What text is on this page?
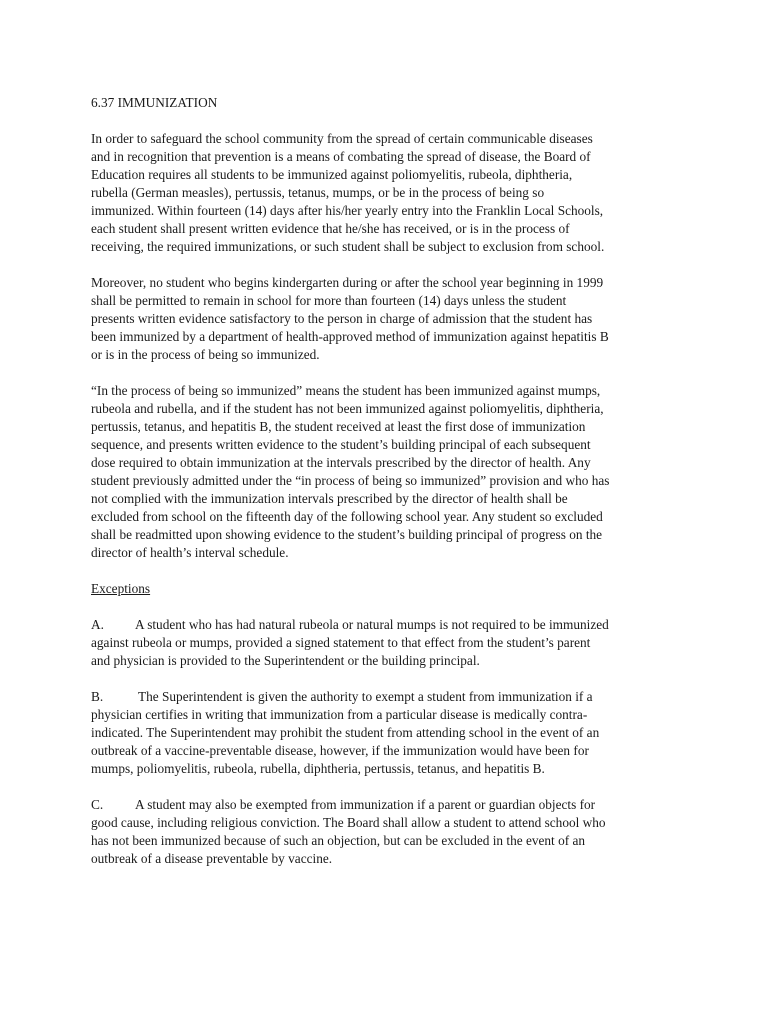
6.37 IMMUNIZATION
In order to safeguard the school community from the spread of certain communicable diseases
and in recognition that prevention is a means of combating the spread of disease, the Board of
Education requires all students to be immunized against poliomyelitis, rubeola, diphtheria,
rubella (German measles), pertussis, tetanus, mumps, or be in the process of being so
immunized. Within fourteen (14) days after his/her yearly entry into the Franklin Local Schools,
each student shall present written evidence that he/she has received, or is in the process of
receiving, the required immunizations, or such student shall be subject to exclusion from school.
Moreover, no student who begins kindergarten during or after the school year beginning in 1999
shall be permitted to remain in school for more than fourteen (14) days unless the student
presents written evidence satisfactory to the person in charge of admission that the student has
been immunized by a department of health-approved method of immunization against hepatitis B
or is in the process of being so immunized.
“In the process of being so immunized” means the student has been immunized against mumps,
rubeola and rubella, and if the student has not been immunized against poliomyelitis, diphtheria,
pertussis, tetanus, and hepatitis B, the student received at least the first dose of immunization
sequence, and presents written evidence to the student’s building principal of each subsequent
dose required to obtain immunization at the intervals prescribed by the director of health. Any
student previously admitted under the “in process of being so immunized” provision and who has
not complied with the immunization intervals prescribed by the director of health shall be
excluded from school on the fifteenth day of the following school year. Any student so excluded
shall be readmitted upon showing evidence to the student’s building principal of progress on the
director of health’s interval schedule.
Exceptions
A. A student who has had natural rubeola or natural mumps is not required to be immunized
against rubeola or mumps, provided a signed statement to that effect from the student’s parent
and physician is provided to the Superintendent or the building principal.
B.	The Superintendent is given the authority to exempt a student from immunization if a
physician certifies in writing that immunization from a particular disease is medically contra-
indicated. The Superintendent may prohibit the student from attending school in the event of an
outbreak of a vaccine-preventable disease, however, if the immunization would have been for
mumps, poliomyelitis, rubeola, rubella, diphtheria, pertussis, tetanus, and hepatitis B.
C. A student may also be exempted from immunization if a parent or guardian objects for
good cause, including religious conviction. The Board shall allow a student to attend school who
has not been immunized because of such an objection, but can be excluded in the event of an
outbreak of a disease preventable by vaccine.
